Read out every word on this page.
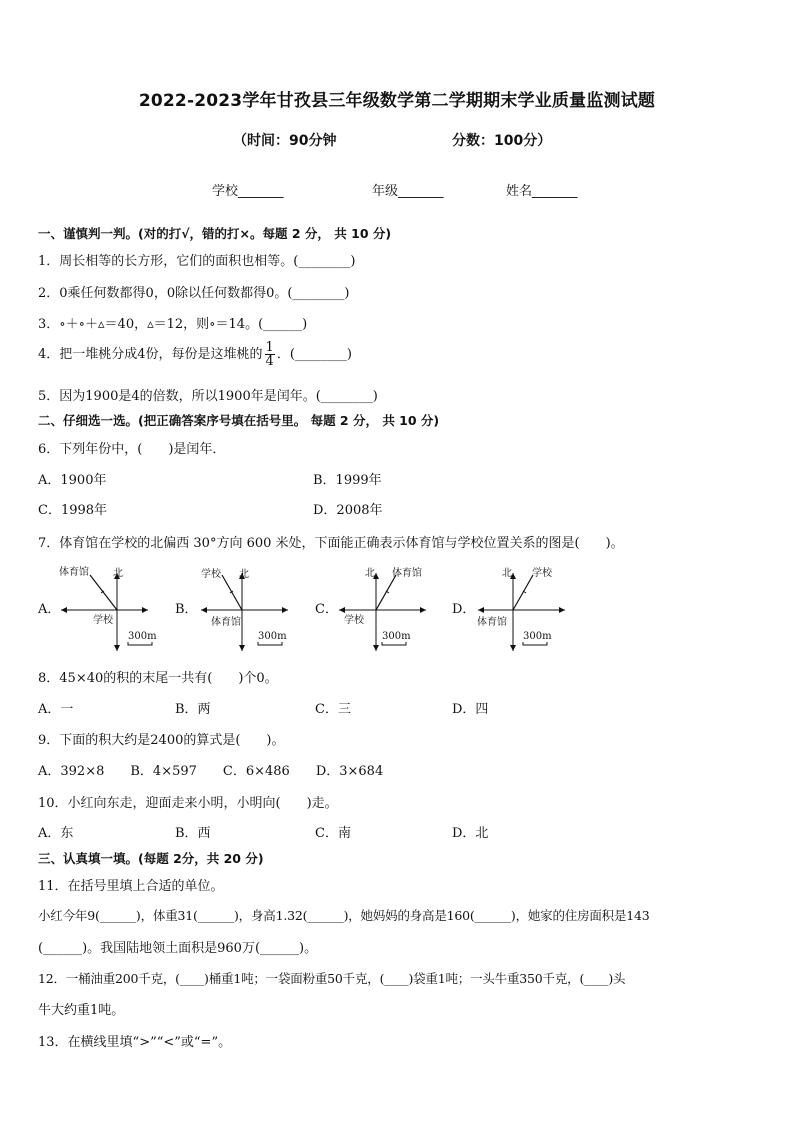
2022-2023学年甘孜县三年级数学第二学期期末学业质量监测试题
（时间：90分钟	分数：100分）
学校_______	年级_______	姓名_______
一、谨慎判一判。(对的打√，错的打×。每题 2 分， 共 10 分)
1．周长相等的长方形，它们的面积也相等。(________)
2．0乘任何数都得0，0除以任何数都得0。(________)
3．∘＋∘＋▵＝40，▵＝12，则∘＝14。(______)
4．把一堆桃分成4份，每份是这堆桃的 $\frac{1}{4}$ ．(________)
5．因为1900是4的倍数，所以1900年是闰年。(________)
二、仔细选一选。(把正确答案序号填在括号里。 每题 2 分， 共 10 分)
6．下列年份中，(　　)是闰年．
A．1900年	B．1999年
C．1998年	D．2008年
7．体育馆在学校的北偏西 30°方向 600 米处，下面能正确表示体育馆与学校位置关系的图是(　　)。
A．	B．	C．	D．
体育馆 北
学校
300m
学校 北
体育馆
300m
北 体育馆
学校
300m
北 学校
体育馆
300m
8．45×40的积的末尾一共有(　　)个0。
A．一	B．两	C．三	D．四
9．下面的积大约是2400的算式是(　　)。
A．392×8　　B．4×597　　C．6×486　　D．3×684
10．小红向东走，迎面走来小明，小明向(　　)走。
A．东	B．西	C．南	D．北
三、认真填一填。(每题 2分，共 20 分)
11．在括号里填上合适的单位。
小红今年9(______)，体重31(______)，身高1.32(______)，她妈妈的身高是160(______)，她家的住房面积是143
(______)。我国陆地领土面积是960万(______)。
12．一桶油重200千克，(____)桶重1吨；一袋面粉重50千克，(____)袋重1吨；一头牛重350千克，(____)头
牛大约重1吨。
13．在横线里填“>”“<”或“=”。
